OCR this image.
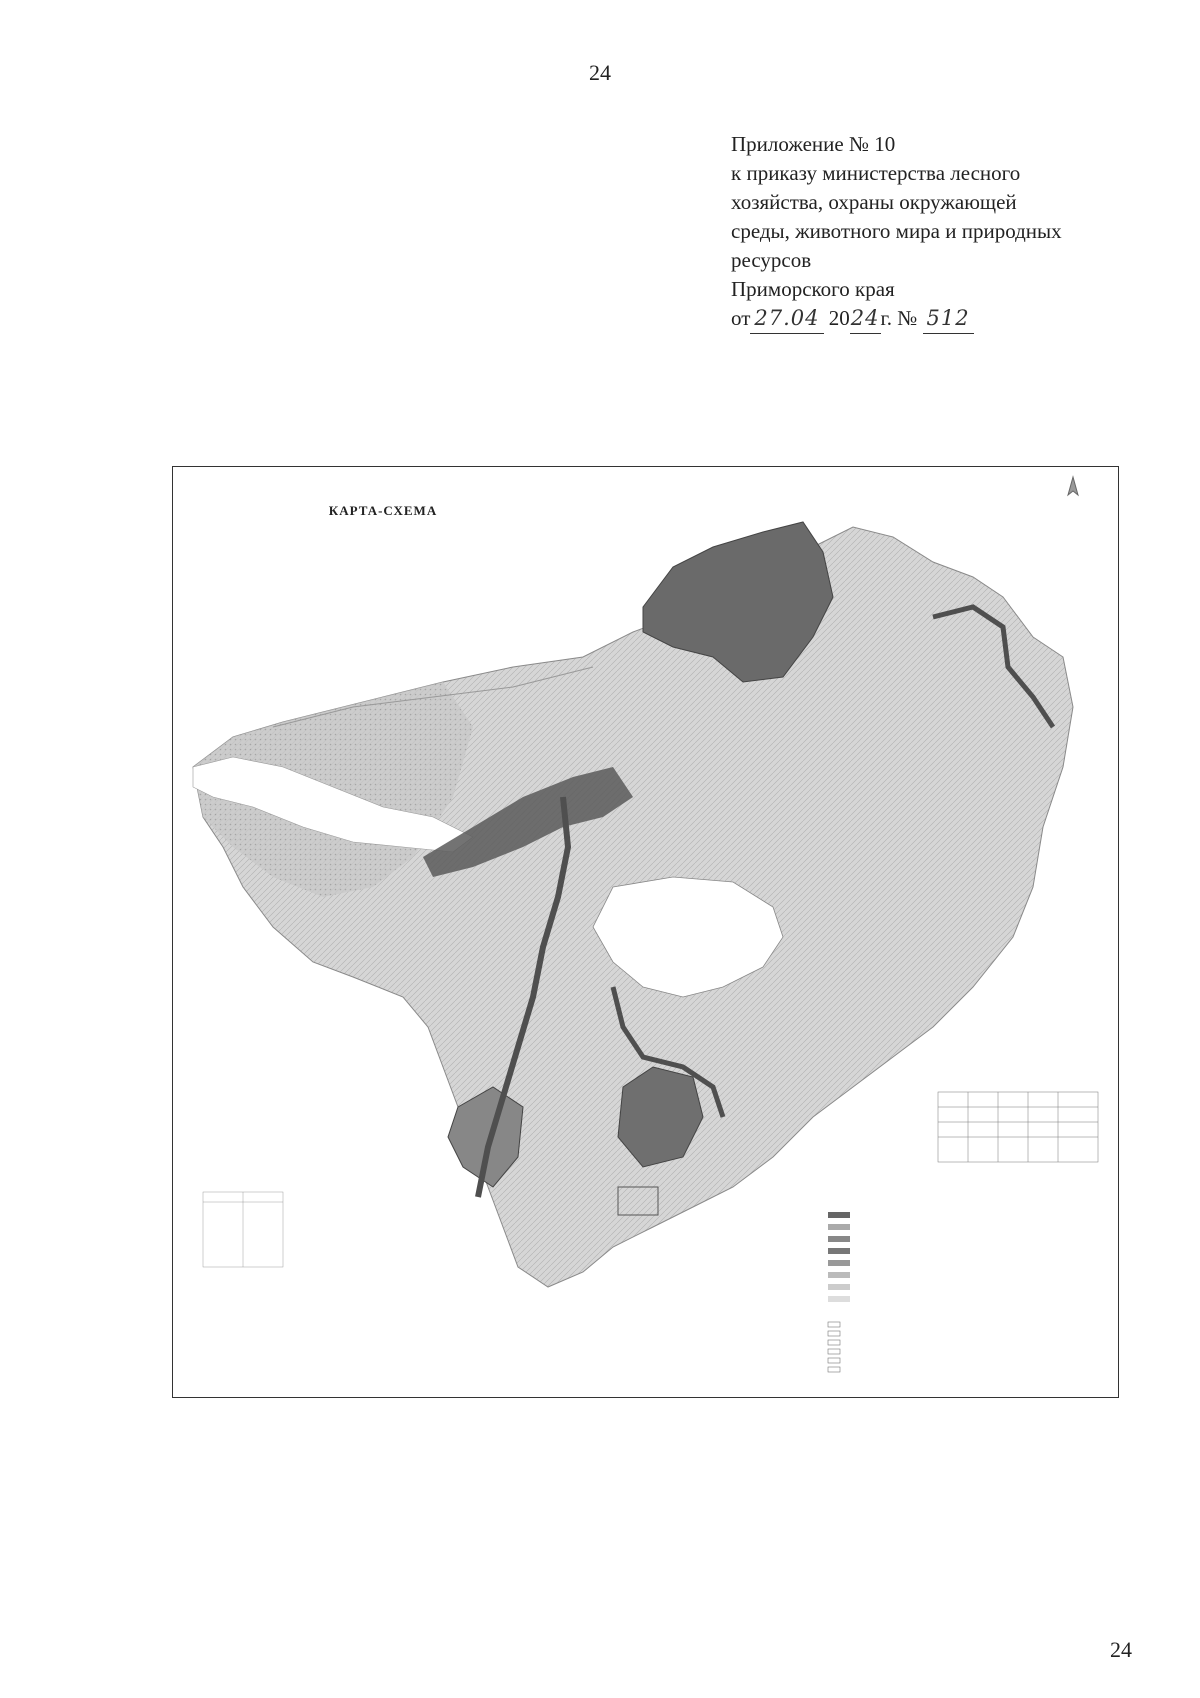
24
Приложение № 10
к приказу министерства лесного
хозяйства, охраны окружающей
среды, животного мира и природных
ресурсов
Приморского края
от 27.04 2024г. № 512
КАРТА-СХЕМА
24
